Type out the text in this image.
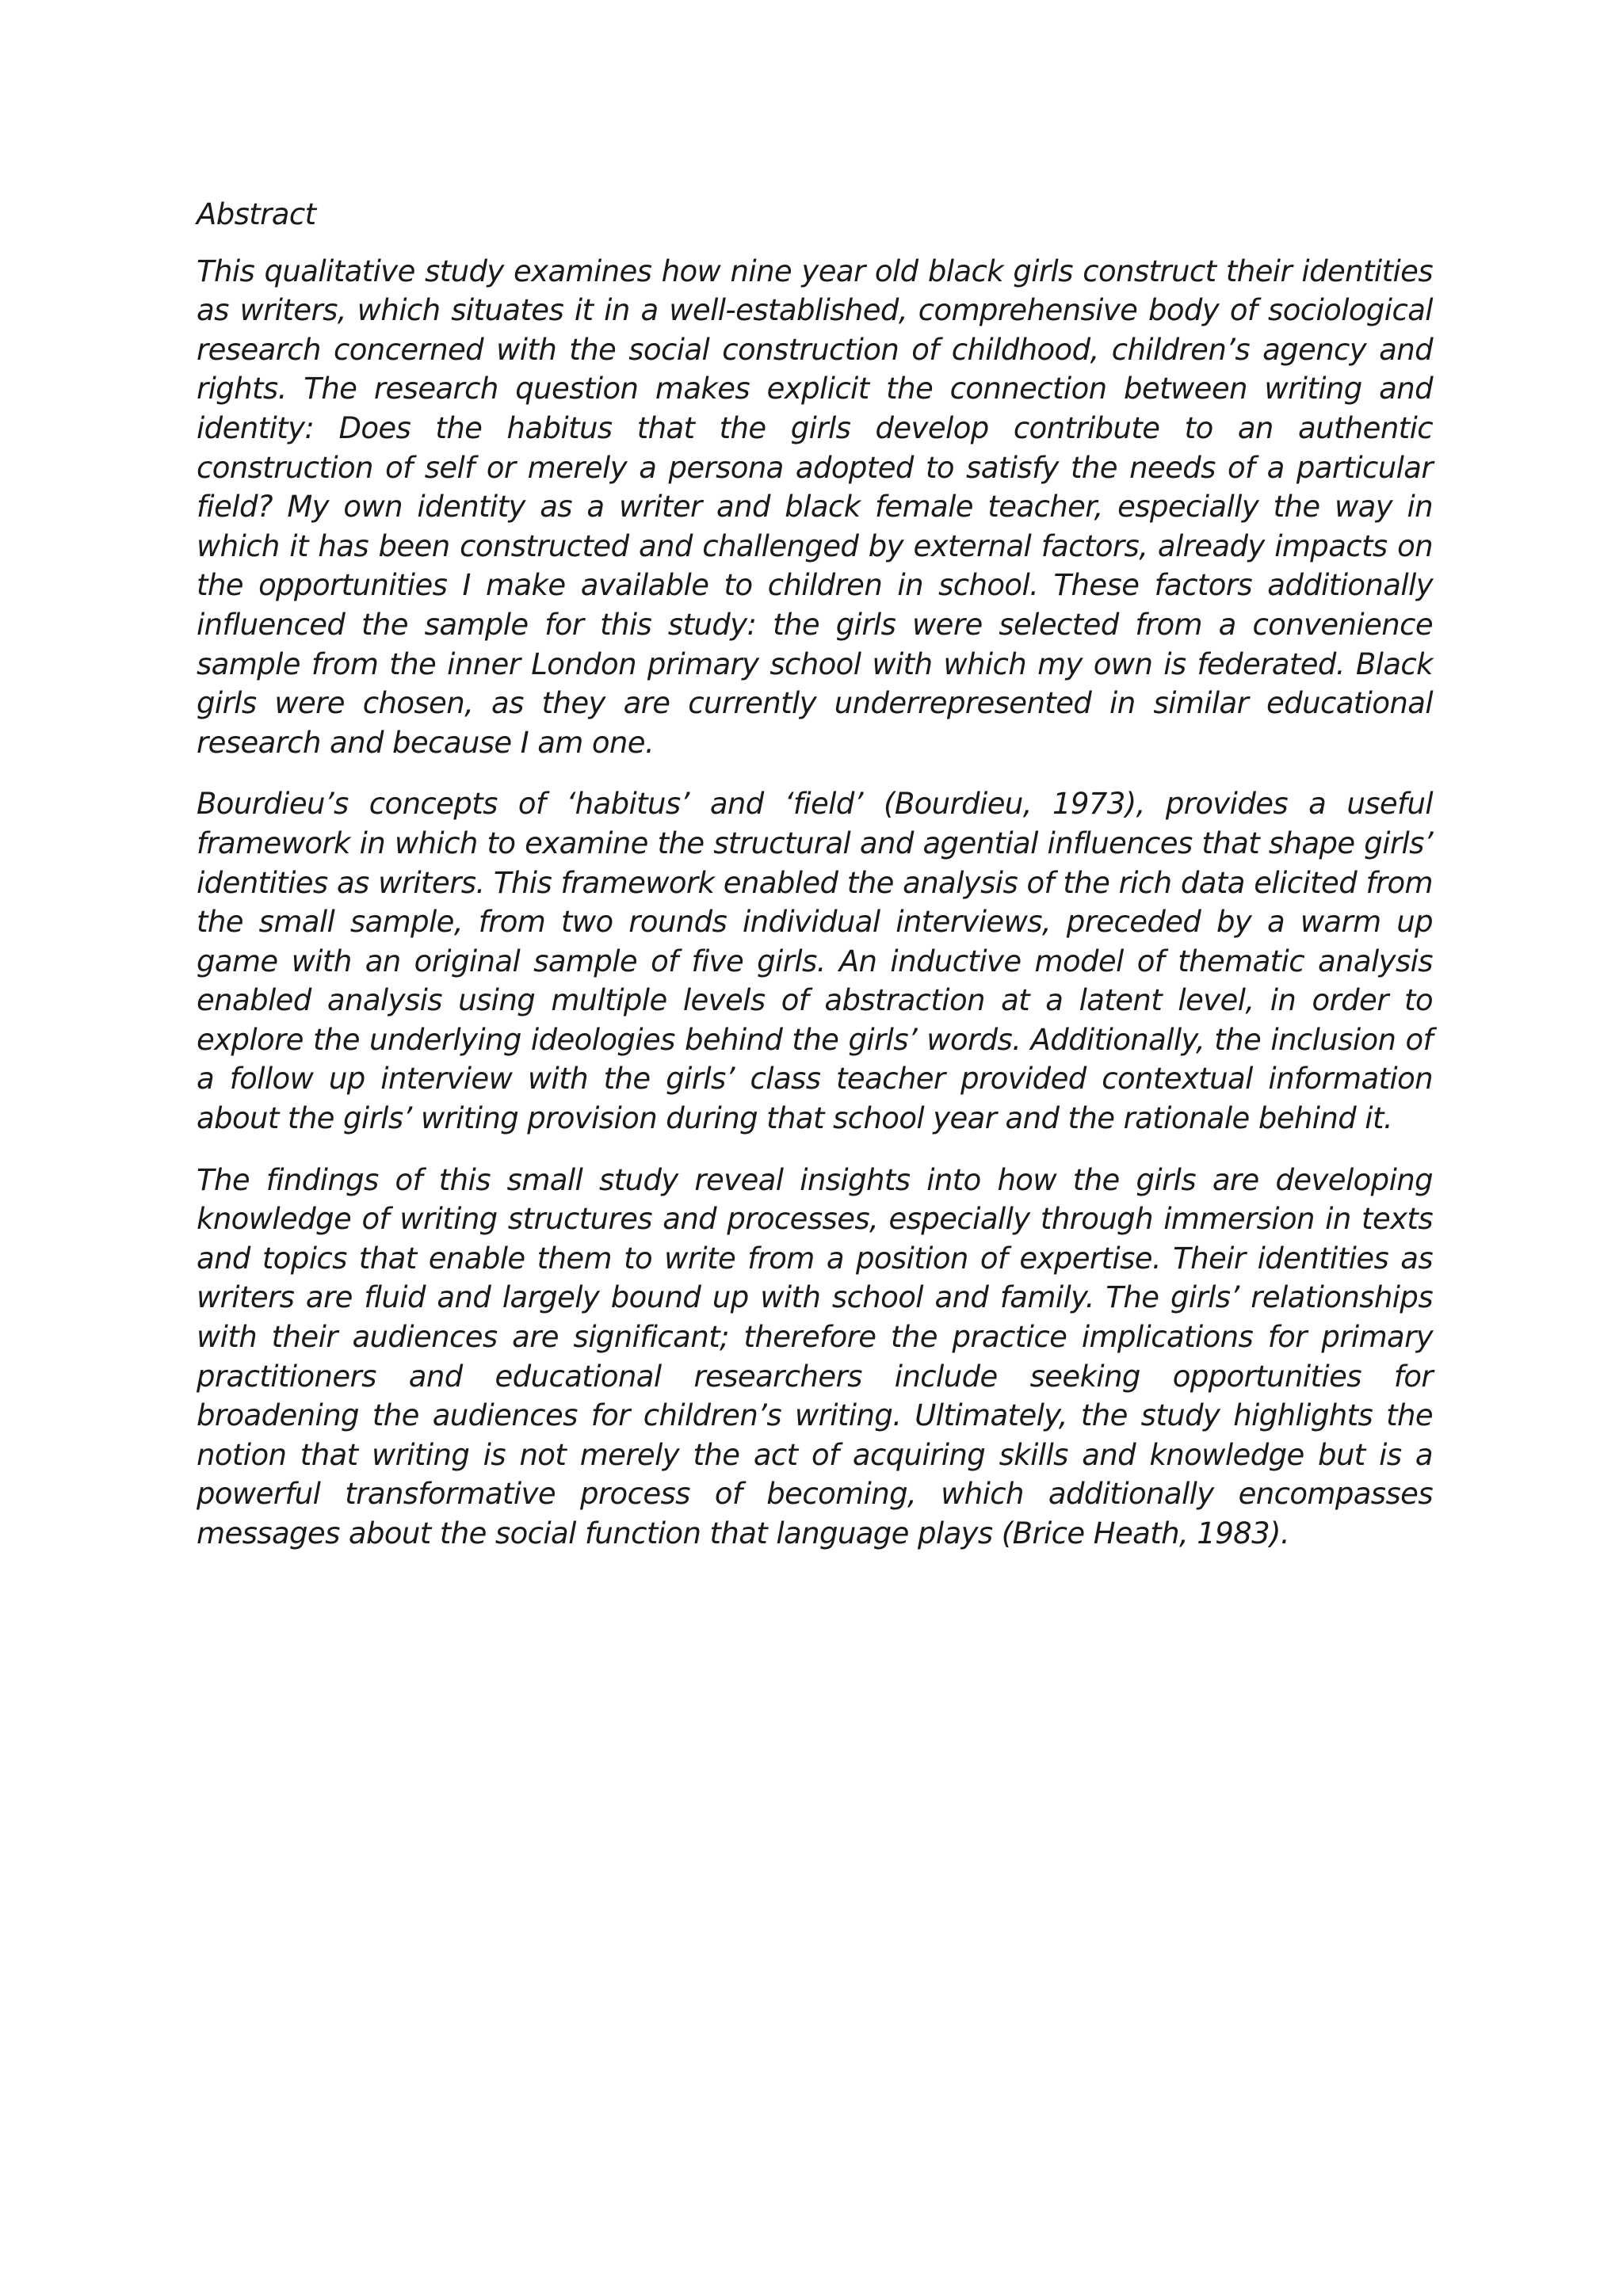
Abstract

This qualitative study examines how nine year old black girls construct their identities as writers, which situates it in a well-established, comprehensive body of sociological research concerned with the social construction of childhood, children’s agency and rights. The research question makes explicit the connection between writing and identity: Does the habitus that the girls develop contribute to an authentic construction of self or merely a persona adopted to satisfy the needs of a particular field? My own identity as a writer and black female teacher, especially the way in which it has been constructed and challenged by external factors, already impacts on the opportunities I make available to children in school. These factors additionally influenced the sample for this study: the girls were selected from a convenience sample from the inner London primary school with which my own is federated. Black girls were chosen, as they are currently underrepresented in similar educational research and because I am one.

Bourdieu’s concepts of ‘habitus’ and ‘field’ (Bourdieu, 1973), provides a useful framework in which to examine the structural and agential influences that shape girls’ identities as writers. This framework enabled the analysis of the rich data elicited from the small sample, from two rounds individual interviews, preceded by a warm up game with an original sample of five girls. An inductive model of thematic analysis enabled analysis using multiple levels of abstraction at a latent level, in order to explore the underlying ideologies behind the girls’ words. Additionally, the inclusion of a follow up interview with the girls’ class teacher provided contextual information about the girls’ writing provision during that school year and the rationale behind it.

The findings of this small study reveal insights into how the girls are developing knowledge of writing structures and processes, especially through immersion in texts and topics that enable them to write from a position of expertise. Their identities as writers are fluid and largely bound up with school and family. The girls’ relationships with their audiences are significant; therefore the practice implications for primary practitioners and educational researchers include seeking opportunities for broadening the audiences for children’s writing. Ultimately, the study highlights the notion that writing is not merely the act of acquiring skills and knowledge but is a powerful transformative process of becoming, which additionally encompasses messages about the social function that language plays (Brice Heath, 1983).
